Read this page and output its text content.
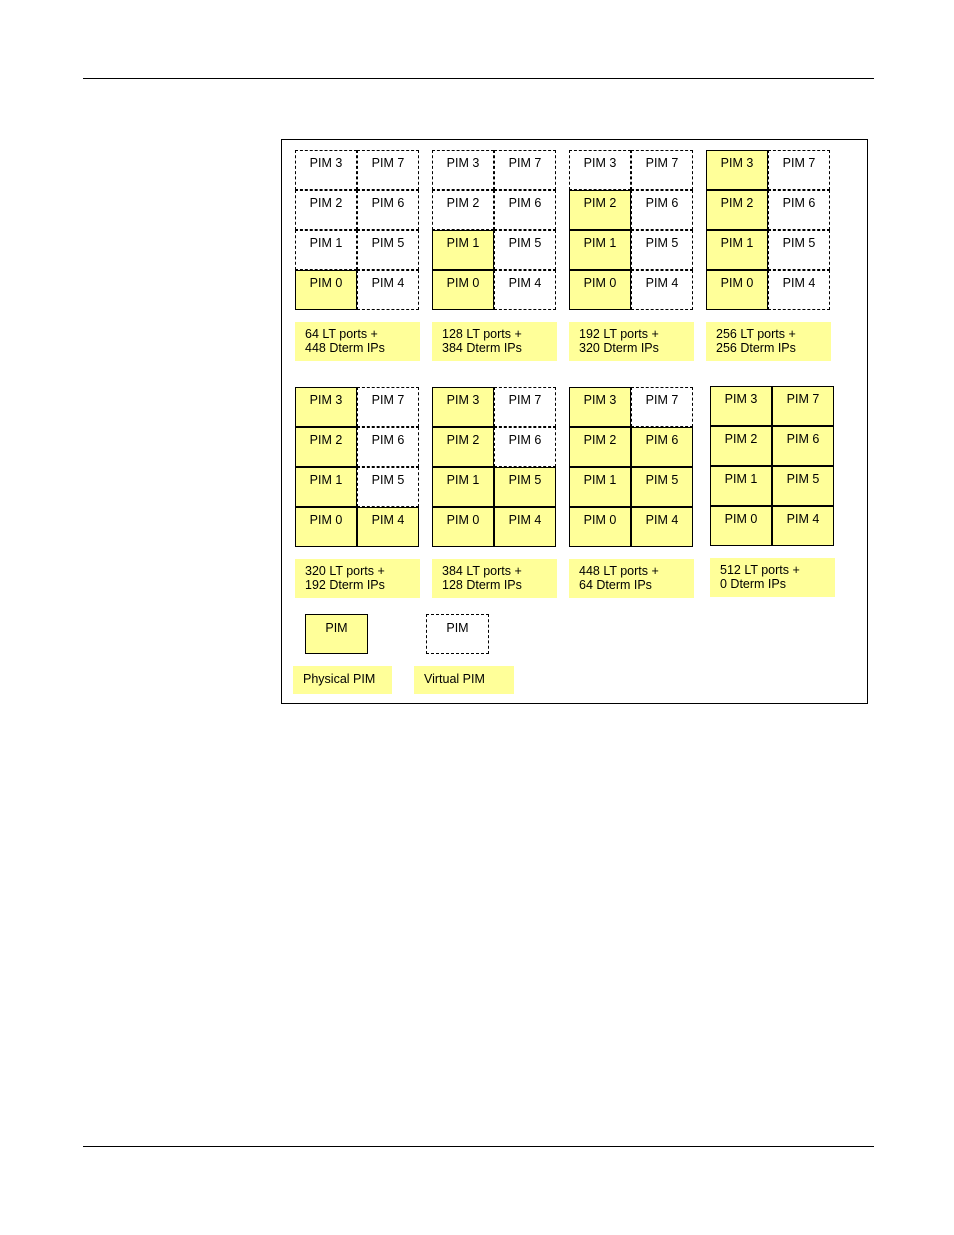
PIM 3	PIM 7
PIM 2	PIM 6
PIM 1	PIM 5
PIM 0	PIM 4
64 LT ports +
448 Dterm IPs
PIM 3	PIM 7
PIM 2	PIM 6
PIM 1	PIM 5
PIM 0	PIM 4
128 LT ports +
384 Dterm IPs
PIM 3	PIM 7
PIM 2	PIM 6
PIM 1	PIM 5
PIM 0	PIM 4
192 LT ports +
320 Dterm IPs
PIM 3	PIM 7
PIM 2	PIM 6
PIM 1	PIM 5
PIM 0	PIM 4
256 LT ports +
256 Dterm IPs
PIM 3	PIM 7
PIM 2	PIM 6
PIM 1	PIM 5
PIM 0	PIM 4
320 LT ports +
192 Dterm IPs
PIM 3	PIM 7
PIM 2	PIM 6
PIM 1	PIM 5
PIM 0	PIM 4
384 LT ports +
128 Dterm IPs
PIM 3	PIM 7
PIM 2	PIM 6
PIM 1	PIM 5
PIM 0	PIM 4
448 LT ports +
64 Dterm IPs
PIM 3	PIM 7
PIM 2	PIM 6
PIM 1	PIM 5
PIM 0	PIM 4
512 LT ports +
0 Dterm IPs
PIM	PIM
Physical PIM	Virtual PIM
